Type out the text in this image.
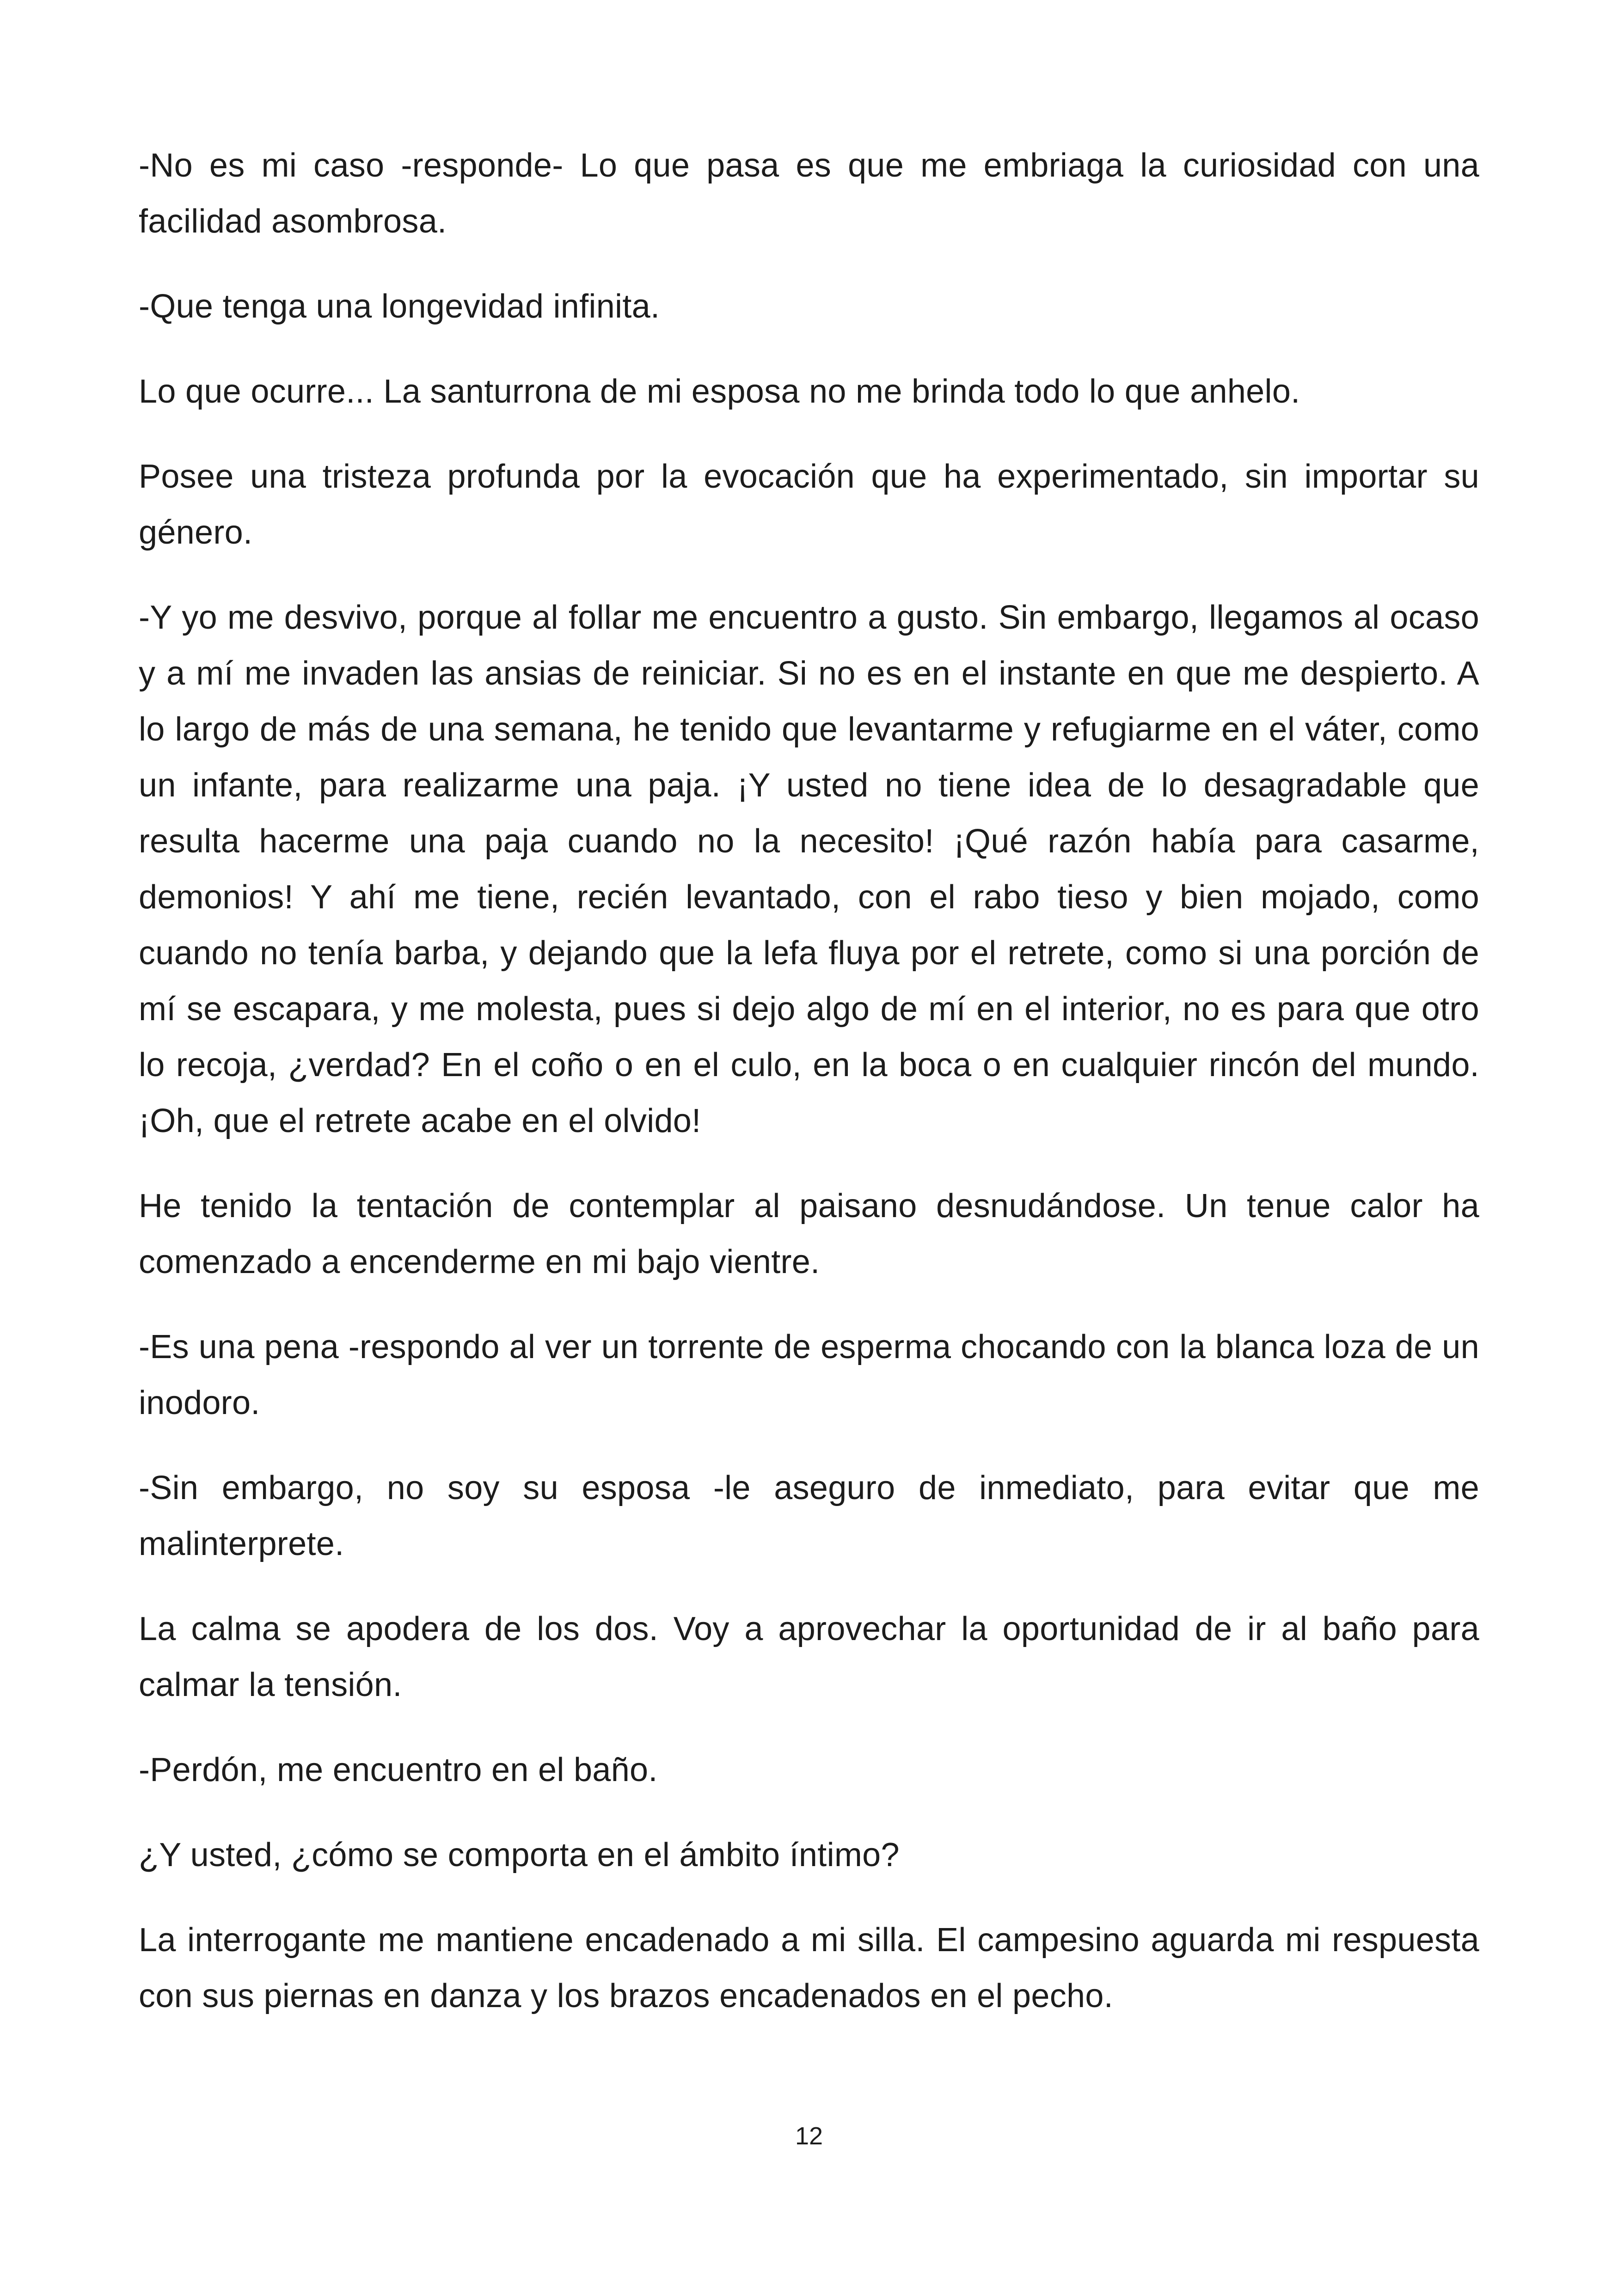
-No es mi caso -responde- Lo que pasa es que me embriaga la curiosidad con una facilidad asombrosa.

-Que tenga una longevidad infinita.

Lo que ocurre... La santurrona de mi esposa no me brinda todo lo que anhelo.

Posee una tristeza profunda por la evocación que ha experimentado, sin importar su género.

-Y yo me desvivo, porque al follar me encuentro a gusto. Sin embargo, llegamos al ocaso y a mí me invaden las ansias de reiniciar. Si no es en el instante en que me despierto. A lo largo de más de una semana, he tenido que levantarme y refugiarme en el váter, como un infante, para realizarme una paja. ¡Y usted no tiene idea de lo desagradable que resulta hacerme una paja cuando no la necesito! ¡Qué razón había para casarme, demonios! Y ahí me tiene, recién levantado, con el rabo tieso y bien mojado, como cuando no tenía barba, y dejando que la lefa fluya por el retrete, como si una porción de mí se escapara, y me molesta, pues si dejo algo de mí en el interior, no es para que otro lo recoja, ¿verdad? En el coño o en el culo, en la boca o en cualquier rincón del mundo. ¡Oh, que el retrete acabe en el olvido!

He tenido la tentación de contemplar al paisano desnudándose. Un tenue calor ha comenzado a encenderme en mi bajo vientre.

-Es una pena -respondo al ver un torrente de esperma chocando con la blanca loza de un inodoro.

-Sin embargo, no soy su esposa -le aseguro de inmediato, para evitar que me malinterprete.

La calma se apodera de los dos. Voy a aprovechar la oportunidad de ir al baño para calmar la tensión.

-Perdón, me encuentro en el baño.

¿Y usted, ¿cómo se comporta en el ámbito íntimo?

La interrogante me mantiene encadenado a mi silla. El campesino aguarda mi respuesta con sus piernas en danza y los brazos encadenados en el pecho.

12
